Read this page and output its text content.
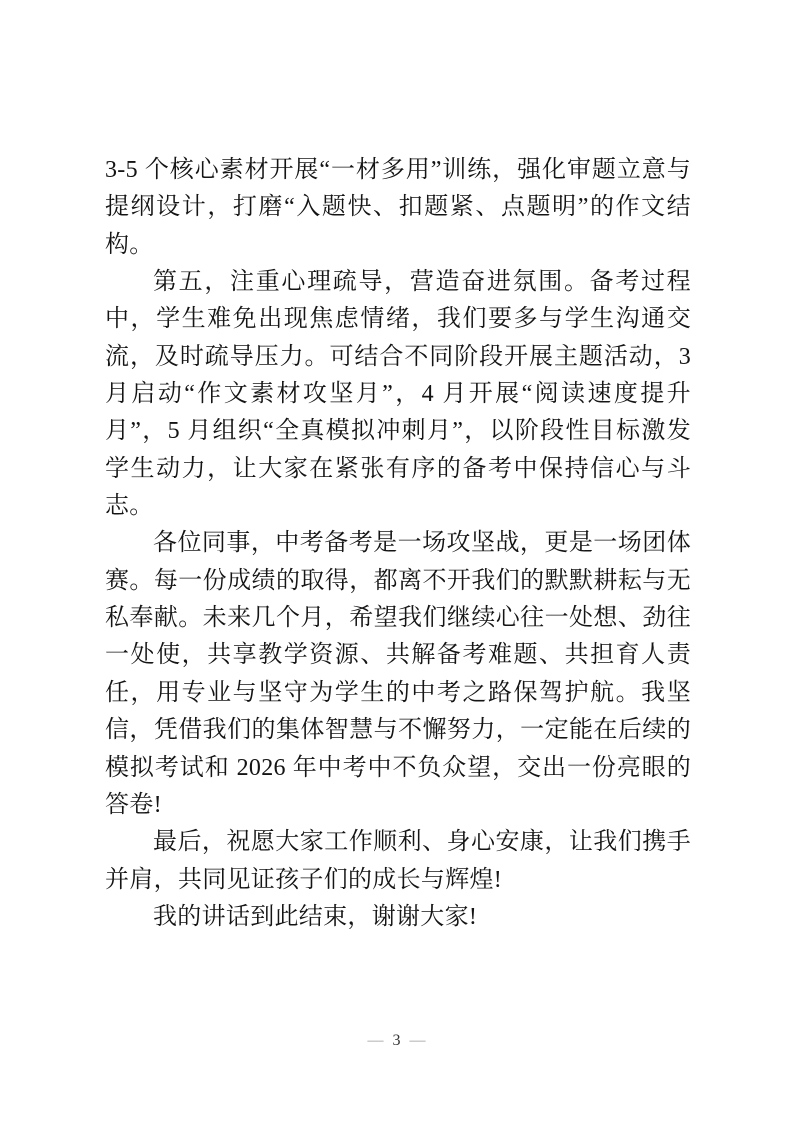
3-5 个核心素材开展“一材多用”训练，强化审题立意与提纲设计，打磨“入题快、扣题紧、点题明”的作文结构。

第五，注重心理疏导，营造奋进氛围。备考过程中，学生难免出现焦虑情绪，我们要多与学生沟通交流，及时疏导压力。可结合不同阶段开展主题活动，3 月启动“作文素材攻坚月”，4 月开展“阅读速度提升月”，5 月组织“全真模拟冲刺月”，以阶段性目标激发学生动力，让大家在紧张有序的备考中保持信心与斗志。

各位同事，中考备考是一场攻坚战，更是一场团体赛。每一份成绩的取得，都离不开我们的默默耕耘与无私奉献。未来几个月，希望我们继续心往一处想、劲往一处使，共享教学资源、共解备考难题、共担育人责任，用专业与坚守为学生的中考之路保驾护航。我坚信，凭借我们的集体智慧与不懈努力，一定能在后续的模拟考试和 2026 年中考中不负众望，交出一份亮眼的答卷!

最后，祝愿大家工作顺利、身心安康，让我们携手并肩，共同见证孩子们的成长与辉煌!

我的讲话到此结束，谢谢大家!

— 3 —
